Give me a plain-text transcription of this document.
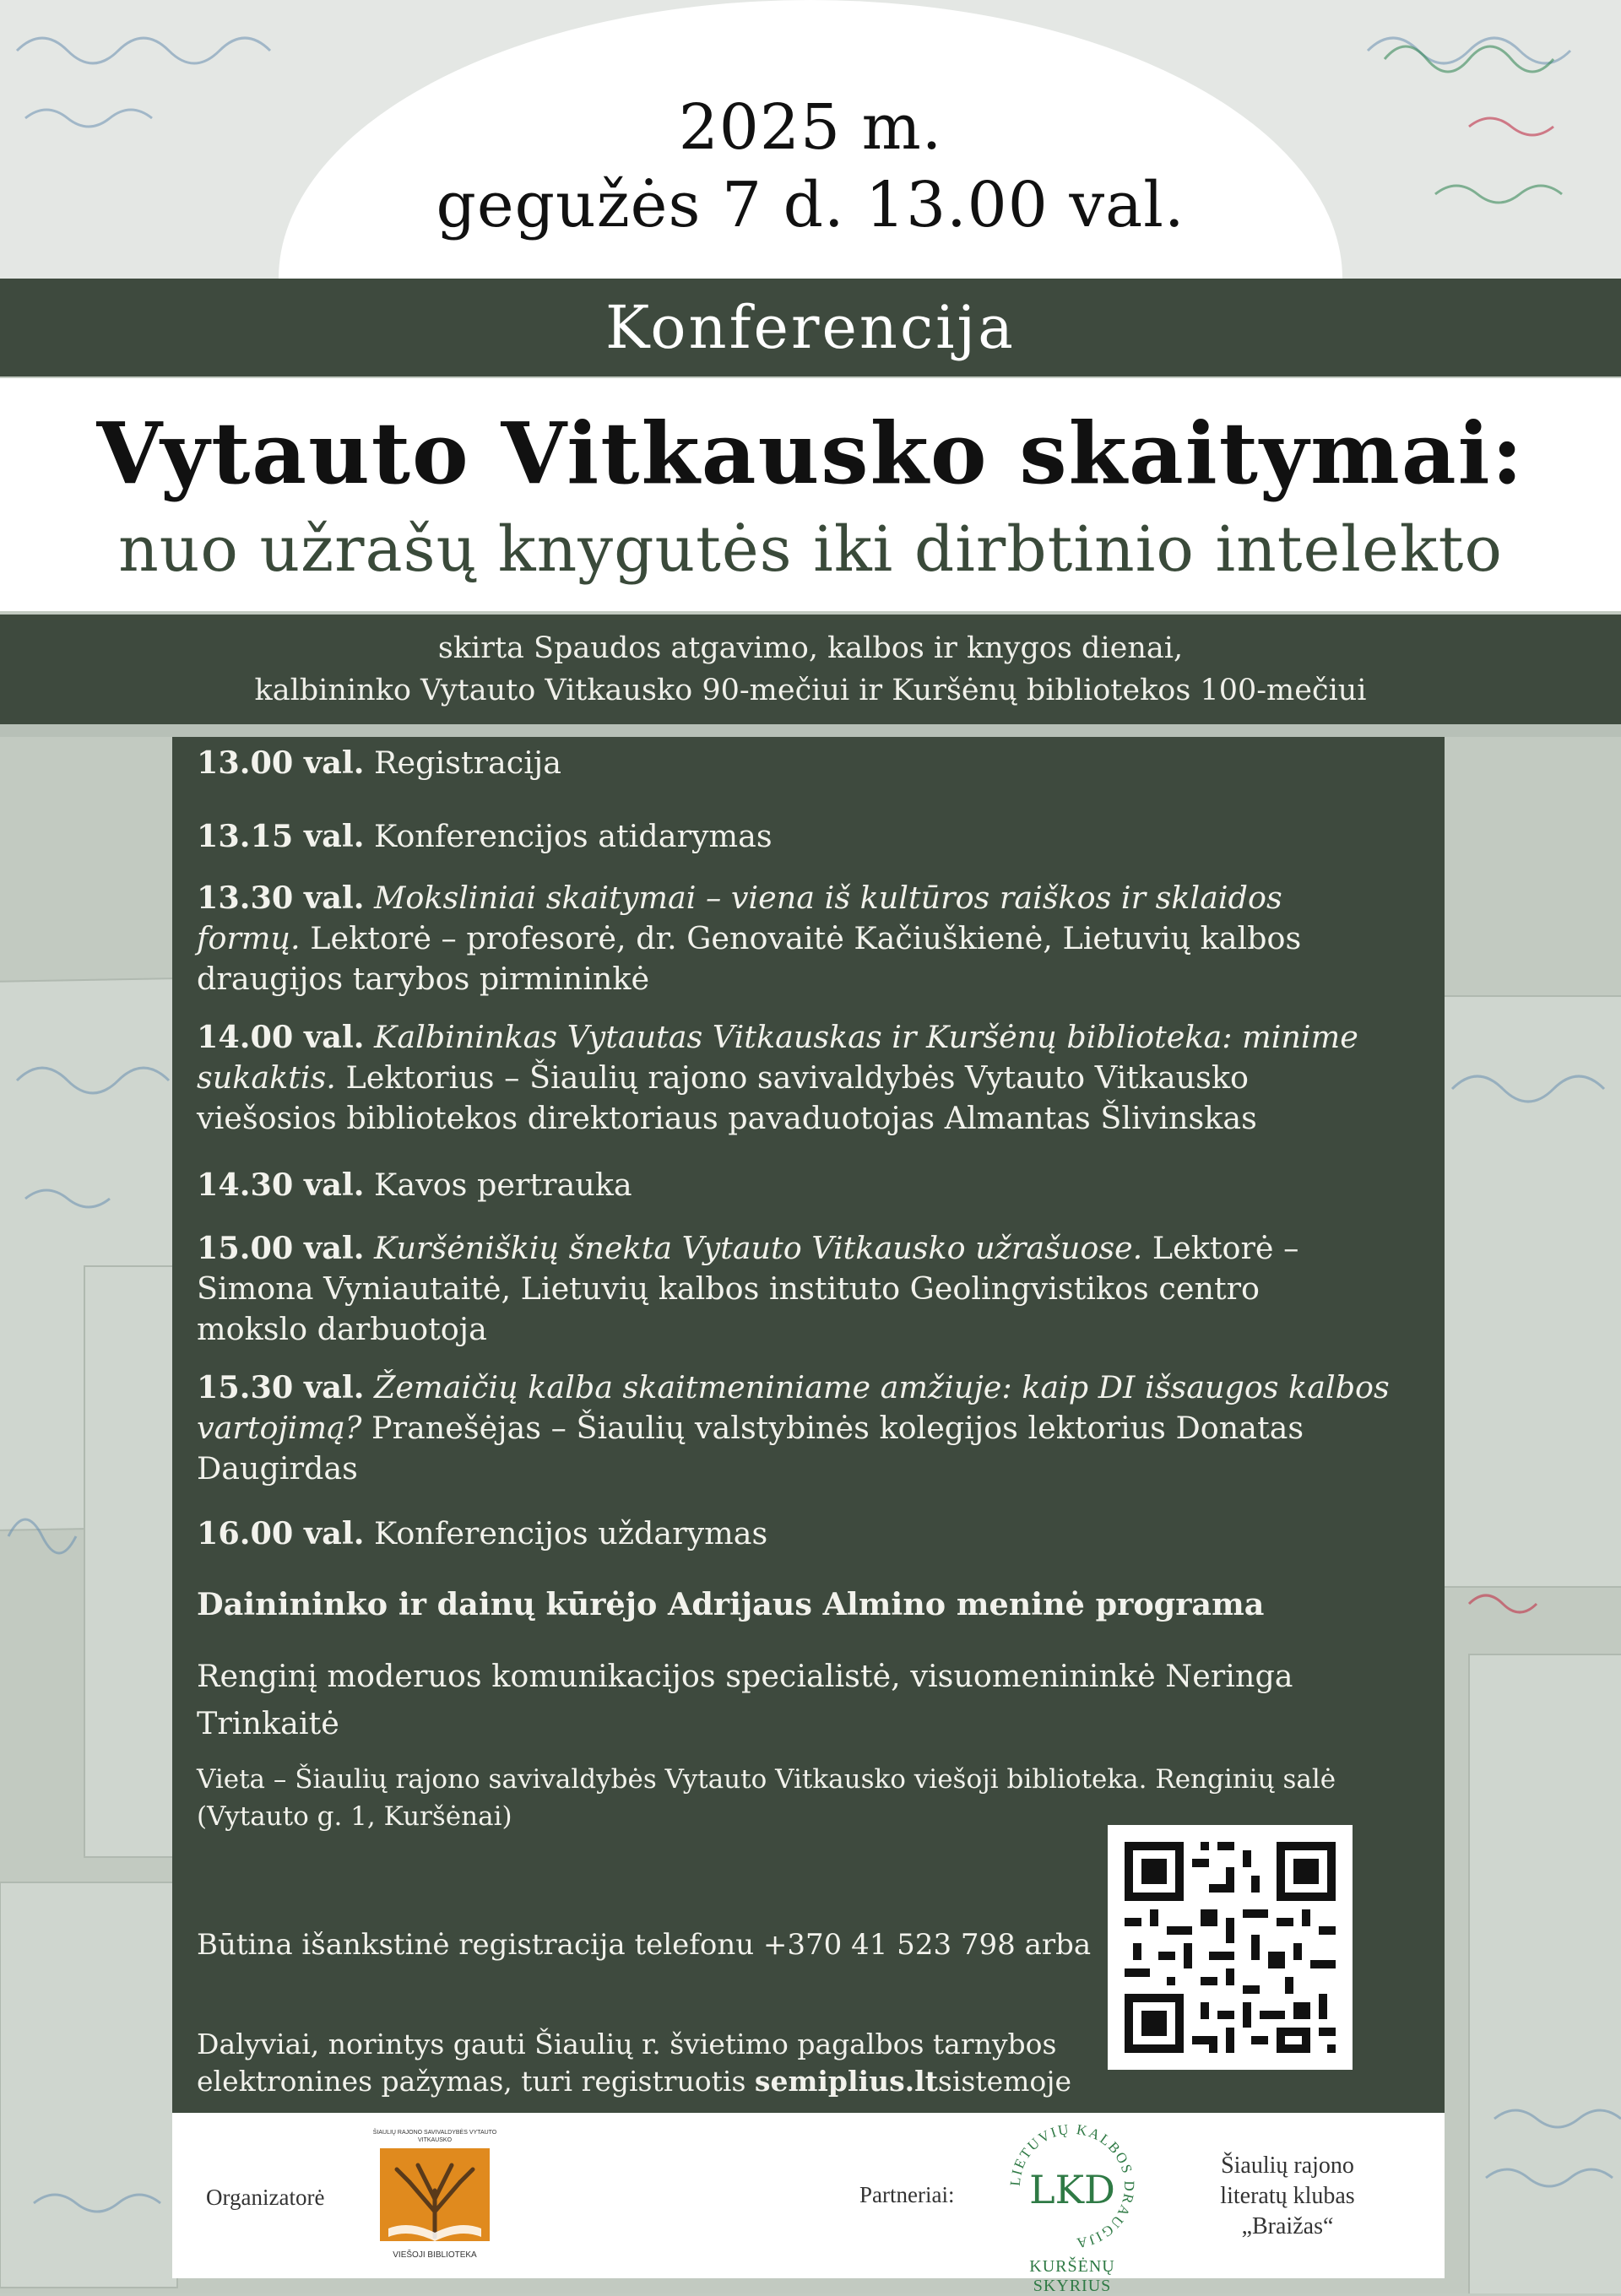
2025 m.
gegužės 7 d. 13.00 val.
Konferencija
Vytauto Vitkausko skaitymai:
nuo užrašų knygutės iki dirbtinio intelekto
skirta Spaudos atgavimo, kalbos ir knygos dienai,
kalbininko Vytauto Vitkausko 90-mečiui ir Kuršėnų bibliotekos 100-mečiui
13.00 val. Registracija
13.15 val. Konferencijos atidarymas
13.30 val. Moksliniai skaitymai – viena iš kultūros raiškos ir sklaidos
formų. Lektorė – profesorė, dr. Genovaitė Kačiuškienė, Lietuvių kalbos
draugijos tarybos pirmininkė
14.00 val. Kalbininkas Vytautas Vitkauskas ir Kuršėnų biblioteka: minime
sukaktis. Lektorius – Šiaulių rajono savivaldybės Vytauto Vitkausko
viešosios bibliotekos direktoriaus pavaduotojas Almantas Šlivinskas
14.30 val. Kavos pertrauka
15.00 val. Kuršėniškių šnekta Vytauto Vitkausko užrašuose. Lektorė –
Simona Vyniautaitė, Lietuvių kalbos instituto Geolingvistikos centro
mokslo darbuotoja
15.30 val. Žemaičių kalba skaitmeniniame amžiuje: kaip DI išsaugos kalbos
vartojimą? Pranešėjas – Šiaulių valstybinės kolegijos lektorius Donatas
Daugirdas
16.00 val. Konferencijos uždarymas
Dainininko ir dainų kūrėjo Adrijaus Almino meninė programa
Renginį moderuos komunikacijos specialistė, visuomenininkė Neringa
Trinkaitė
Vieta – Šiaulių rajono savivaldybės Vytauto Vitkausko viešoji biblioteka. Renginių salė
(Vytauto g. 1, Kuršėnai)
Būtina išankstinė registracija telefonu +370 41 523 798 arba
Dalyviai, norintys gauti Šiaulių r. švietimo pagalbos tarnybos
elektronines pažymas, turi registruotis semiplius.ltsistemoje
Organizatorė
ŠIAULIŲ RAJONO SAVIVALDYBĖS VYTAUTO VITKAUSKO
VIEŠOJI BIBLIOTEKA
Partneriai:
LIETUVIŲ KALBOS DRAUGIJA
LKD
KURŠĖNŲ SKYRIUS
Šiaulių rajono
literatų klubas
„Braižas“
